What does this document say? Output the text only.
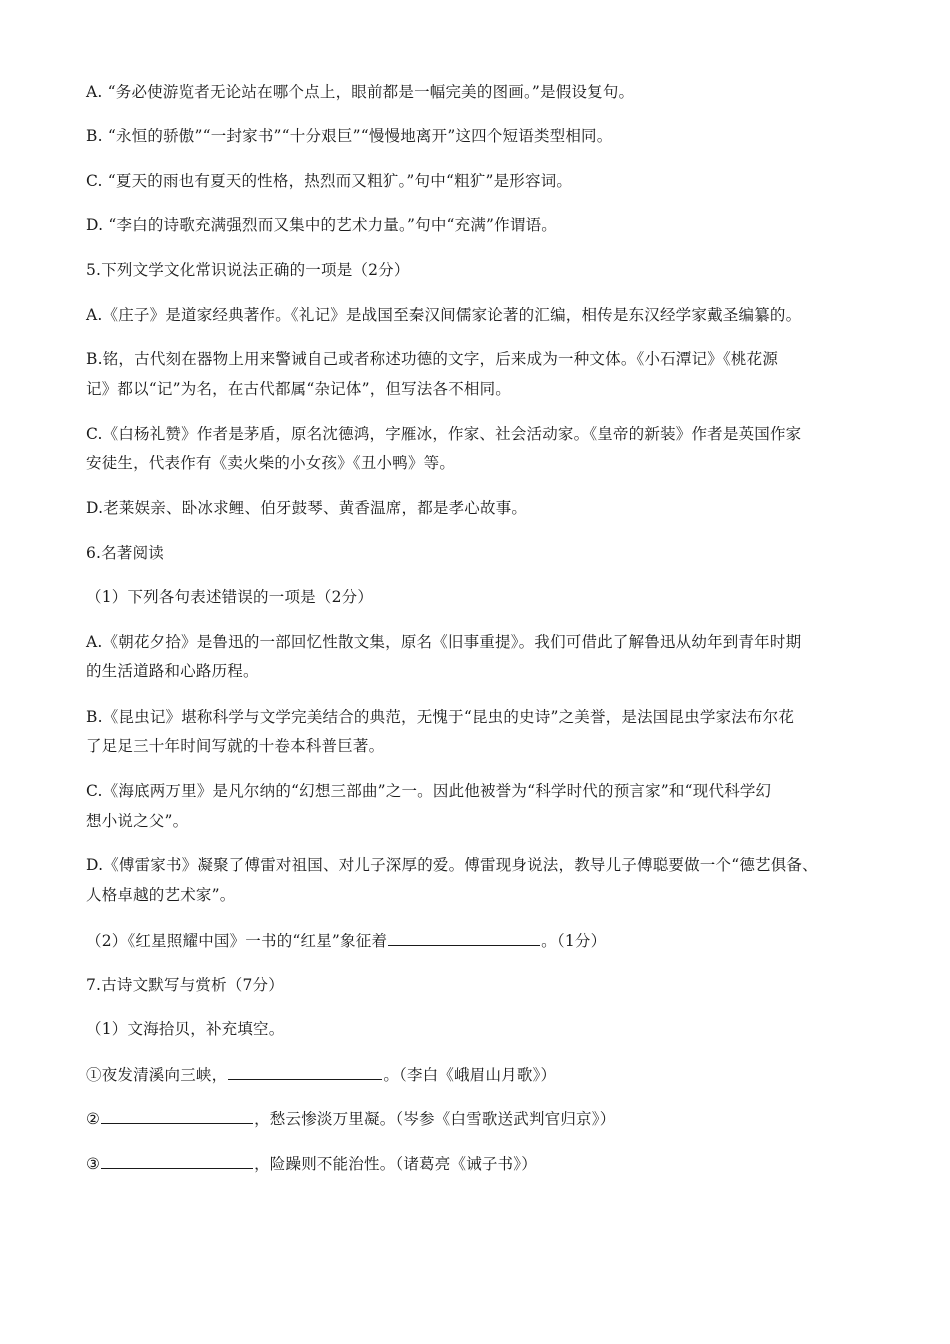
A. “务必使游览者无论站在哪个点上，眼前都是一幅完美的图画。”是假设复句。
B. “永恒的骄傲”“一封家书”“十分艰巨”“慢慢地离开”这四个短语类型相同。
C. “夏天的雨也有夏天的性格，热烈而又粗犷。”句中“粗犷”是形容词。
D. “李白的诗歌充满强烈而又集中的艺术力量。”句中“充满”作谓语。
5.下列文学文化常识说法正确的一项是（2分）
A.《庄子》是道家经典著作。《礼记》是战国至秦汉间儒家论著的汇编，相传是东汉经学家戴圣编纂的。
B.铭，古代刻在器物上用来警诫自己或者称述功德的文字，后来成为一种文体。《小石潭记》《桃花源
记》都以“记”为名，在古代都属“杂记体”，但写法各不相同。
C.《白杨礼赞》作者是茅盾，原名沈德鸿，字雁冰，作家、社会活动家。《皇帝的新装》作者是英国作家
安徒生，代表作有《卖火柴的小女孩》《丑小鸭》等。
D.老莱娱亲、卧冰求鲤、伯牙鼓琴、黄香温席，都是孝心故事。
6.名著阅读
（1）下列各句表述错误的一项是（2分）
A.《朝花夕拾》是鲁迅的一部回忆性散文集，原名《旧事重提》。我们可借此了解鲁迅从幼年到青年时期
的生活道路和心路历程。
B.《昆虫记》堪称科学与文学完美结合的典范，无愧于“昆虫的史诗”之美誉，是法国昆虫学家法布尔花
了足足三十年时间写就的十卷本科普巨著。
C.《海底两万里》是凡尔纳的“幻想三部曲”之一。因此他被誉为“科学时代的预言家”和“现代科学幻
想小说之父”。
D.《傅雷家书》凝聚了傅雷对祖国、对儿子深厚的爱。傅雷现身说法，教导儿子傅聪要做一个“德艺俱备、
人格卓越的艺术家”。
（2）《红星照耀中国》一书的“红星”象征着	。（1分）
7.古诗文默写与赏析（7分）
（1）文海拾贝，补充填空。
①夜发清溪向三峡，	。（李白《峨眉山月歌》）
②	，愁云惨淡万里凝。（岑参《白雪歌送武判官归京》）
③	，险躁则不能治性。（诸葛亮《诫子书》）
